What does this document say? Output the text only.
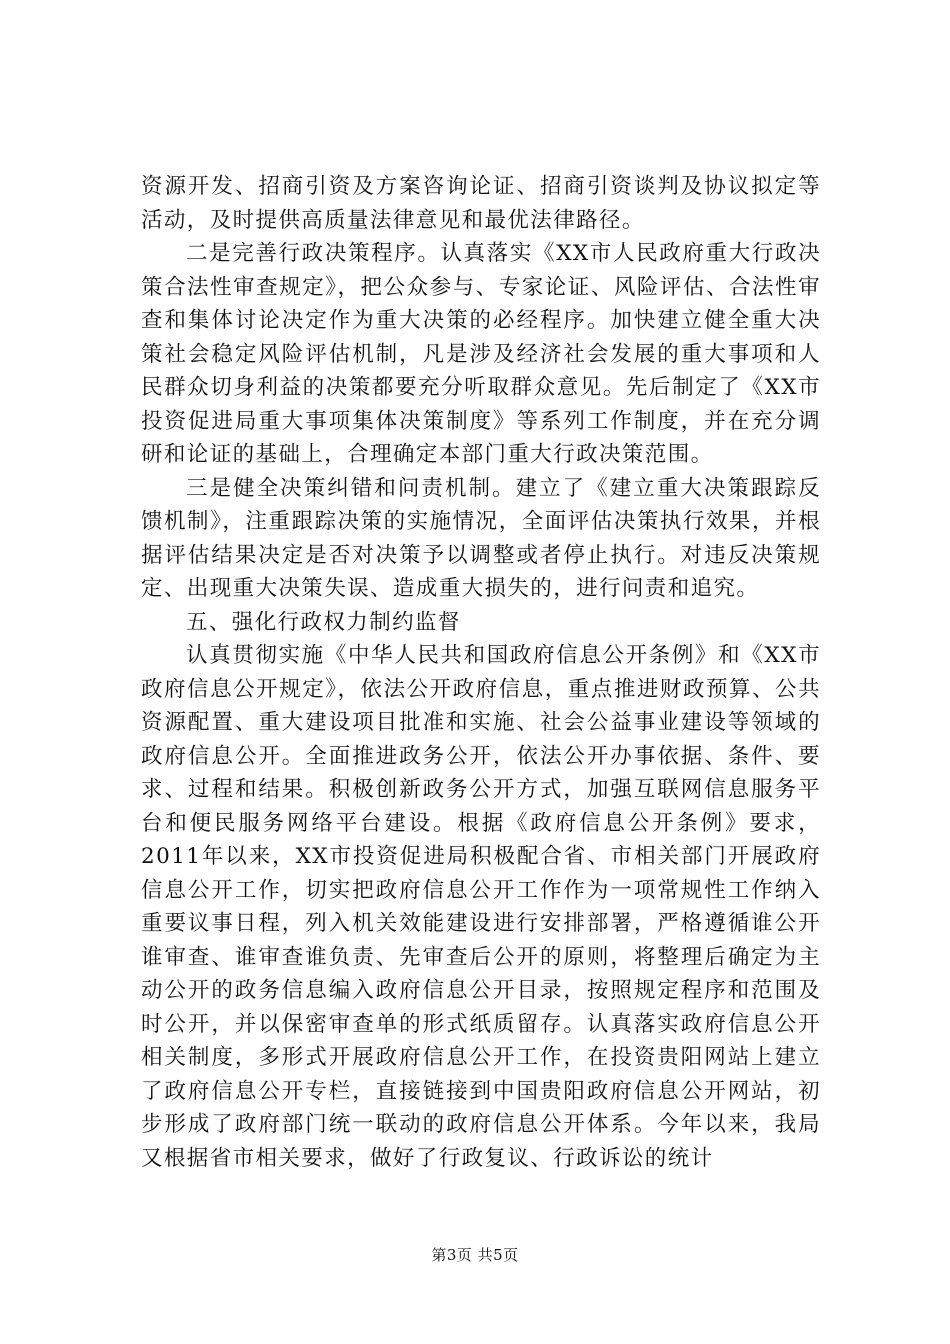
资源开发、招商引资及方案咨询论证、招商引资谈判及协议拟定等活动，及时提供高质量法律意见和最优法律路径。

二是完善行政决策程序。认真落实《XX市人民政府重大行政决策合法性审查规定》，把公众参与、专家论证、风险评估、合法性审查和集体讨论决定作为重大决策的必经程序。加快建立健全重大决策社会稳定风险评估机制，凡是涉及经济社会发展的重大事项和人民群众切身利益的决策都要充分听取群众意见。先后制定了《XX市投资促进局重大事项集体决策制度》等系列工作制度，并在充分调研和论证的基础上，合理确定本部门重大行政决策范围。

三是健全决策纠错和问责机制。建立了《建立重大决策跟踪反馈机制》，注重跟踪决策的实施情况，全面评估决策执行效果，并根据评估结果决定是否对决策予以调整或者停止执行。对违反决策规定、出现重大决策失误、造成重大损失的，进行问责和追究。

五、强化行政权力制约监督

认真贯彻实施《中华人民共和国政府信息公开条例》和《XX市政府信息公开规定》，依法公开政府信息，重点推进财政预算、公共资源配置、重大建设项目批准和实施、社会公益事业建设等领域的政府信息公开。全面推进政务公开，依法公开办事依据、条件、要求、过程和结果。积极创新政务公开方式，加强互联网信息服务平台和便民服务网络平台建设。根据《政府信息公开条例》要求，2011年以来，XX市投资促进局积极配合省、市相关部门开展政府信息公开工作，切实把政府信息公开工作作为一项常规性工作纳入重要议事日程，列入机关效能建设进行安排部署，严格遵循谁公开谁审查、谁审查谁负责、先审查后公开的原则，将整理后确定为主动公开的政务信息编入政府信息公开目录，按照规定程序和范围及时公开，并以保密审查单的形式纸质留存。认真落实政府信息公开相关制度，多形式开展政府信息公开工作，在投资贵阳网站上建立了政府信息公开专栏，直接链接到中国贵阳政府信息公开网站，初步形成了政府部门统一联动的政府信息公开体系。今年以来，我局又根据省市相关要求，做好了行政复议、行政诉讼的统计

第3页 共5页
